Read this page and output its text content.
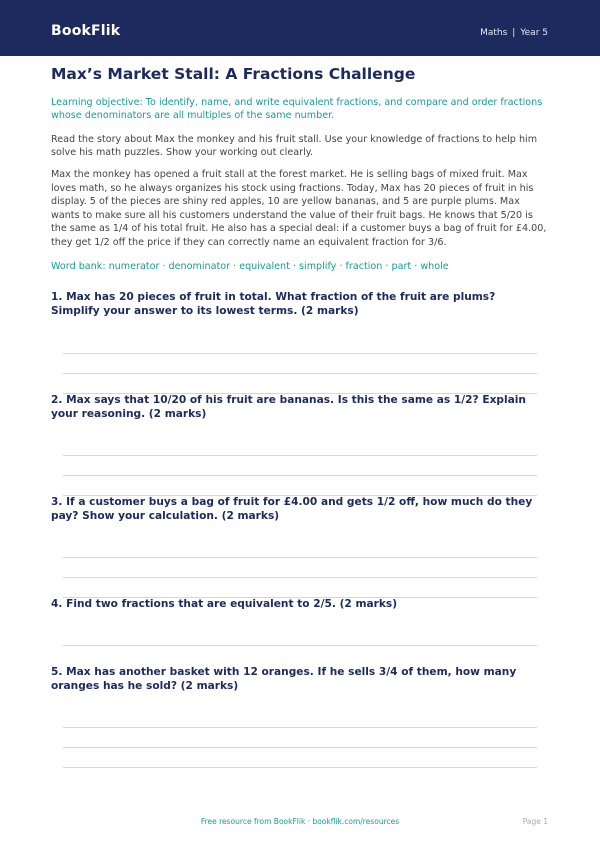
BookFlik	Maths | Year 5
Max’s Market Stall: A Fractions Challenge

Learning objective: To identify, name, and write equivalent fractions, and compare and order fractions whose denominators are all multiples of the same number.

Read the story about Max the monkey and his fruit stall. Use your knowledge of fractions to help him solve his math puzzles. Show your working out clearly.

Max the monkey has opened a fruit stall at the forest market. He is selling bags of mixed fruit. Max loves math, so he always organizes his stock using fractions. Today, Max has 20 pieces of fruit in his display. 5 of the pieces are shiny red apples, 10 are yellow bananas, and 5 are purple plums. Max wants to make sure all his customers understand the value of their fruit bags. He knows that 5/20 is the same as 1/4 of his total fruit. He also has a special deal: if a customer buys a bag of fruit for £4.00, they get 1/2 off the price if they can correctly name an equivalent fraction for 3/6.

Word bank: numerator · denominator · equivalent · simplify · fraction · part · whole

1. Max has 20 pieces of fruit in total. What fraction of the fruit are plums? Simplify your answer to its lowest terms. (2 marks)

2. Max says that 10/20 of his fruit are bananas. Is this the same as 1/2? Explain your reasoning. (2 marks)

3. If a customer buys a bag of fruit for £4.00 and gets 1/2 off, how much do they pay? Show your calculation. (2 marks)

4. Find two fractions that are equivalent to 2/5. (2 marks)

5. Max has another basket with 12 oranges. If he sells 3/4 of them, how many oranges has he sold? (2 marks)

Free resource from BookFlik · bookflik.com/resources	Page 1
